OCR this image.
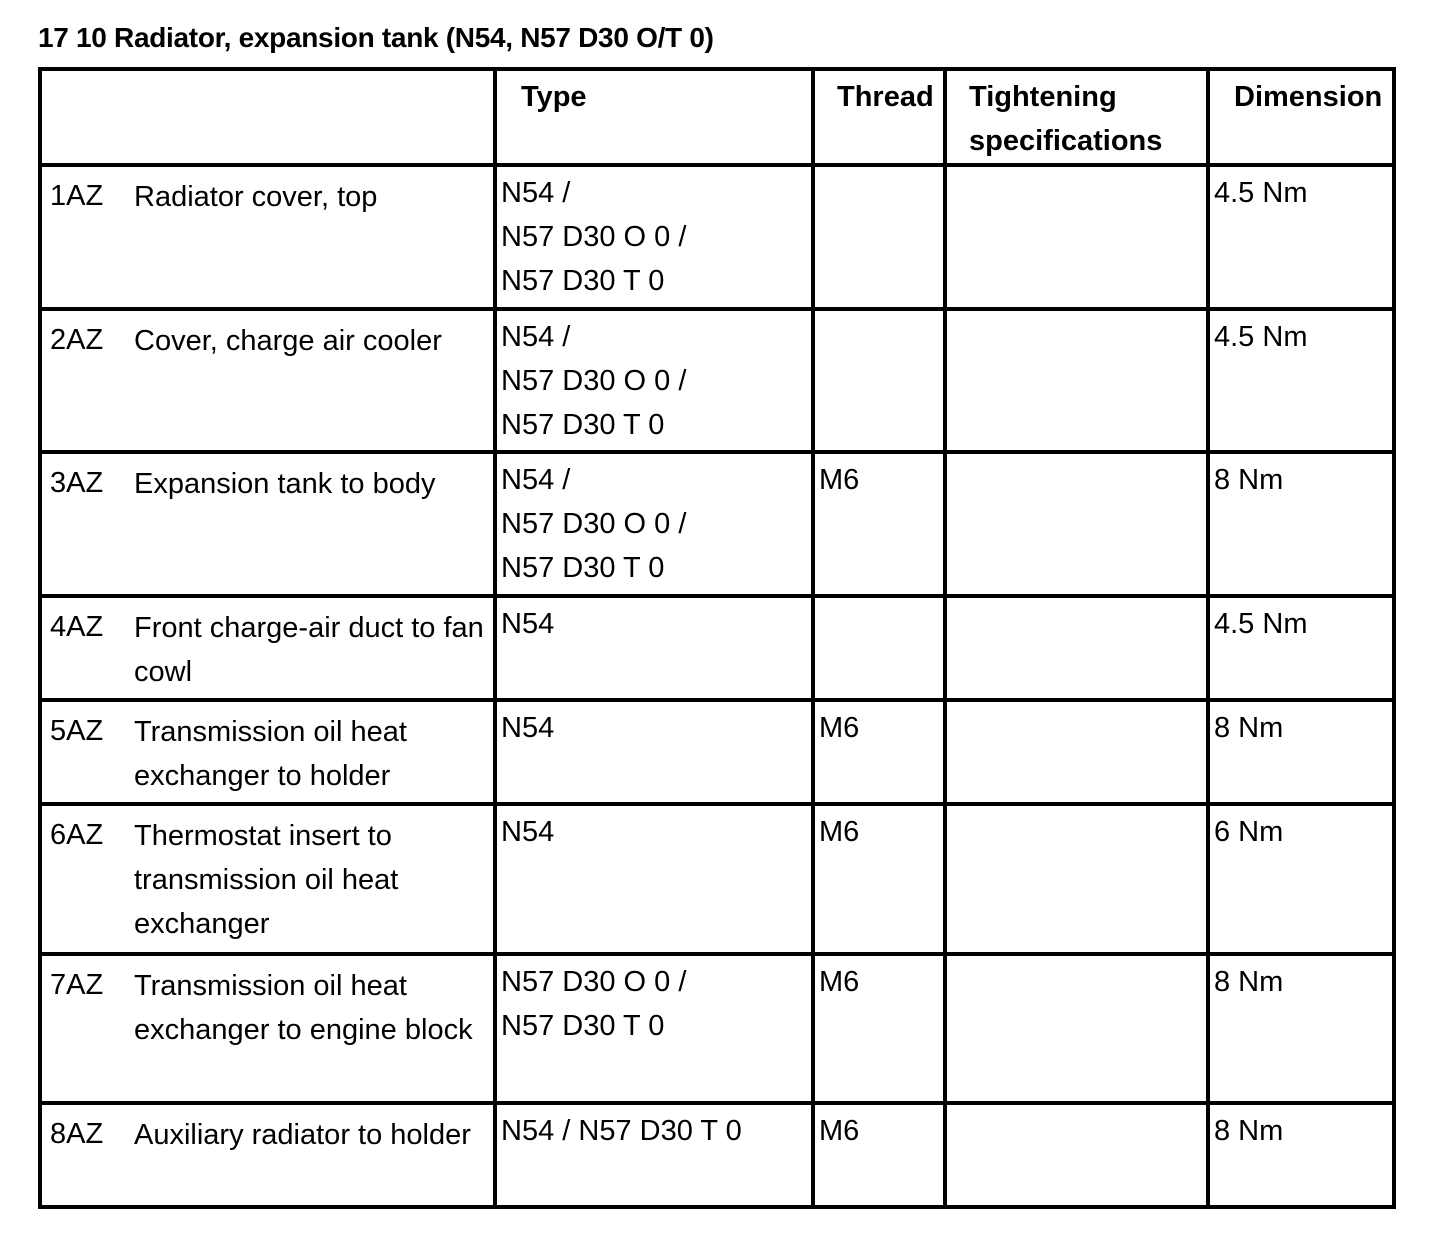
17 10 Radiator, expansion tank (N54, N57 D30 O/T 0)

		Type	Thread	Tightening specifications	Dimension

1AZ	Radiator cover, top	N54 /
N57 D30 O 0 /
N57 D30 T 0			4.5 Nm

2AZ	Cover, charge air cooler	N54 /
N57 D30 O 0 /
N57 D30 T 0			4.5 Nm

3AZ	Expansion tank to body	N54 /
N57 D30 O 0 /
N57 D30 T 0	M6		8 Nm

4AZ	Front charge-air duct to fan cowl	N54			4.5 Nm

5AZ	Transmission oil heat exchanger to holder	N54	M6		8 Nm

6AZ	Thermostat insert to transmission oil heat exchanger	N54	M6		6 Nm

7AZ	Transmission oil heat exchanger to engine block	N57 D30 O 0 /
N57 D30 T 0	M6		8 Nm

8AZ	Auxiliary radiator to holder	N54 / N57 D30 T 0	M6		8 Nm
